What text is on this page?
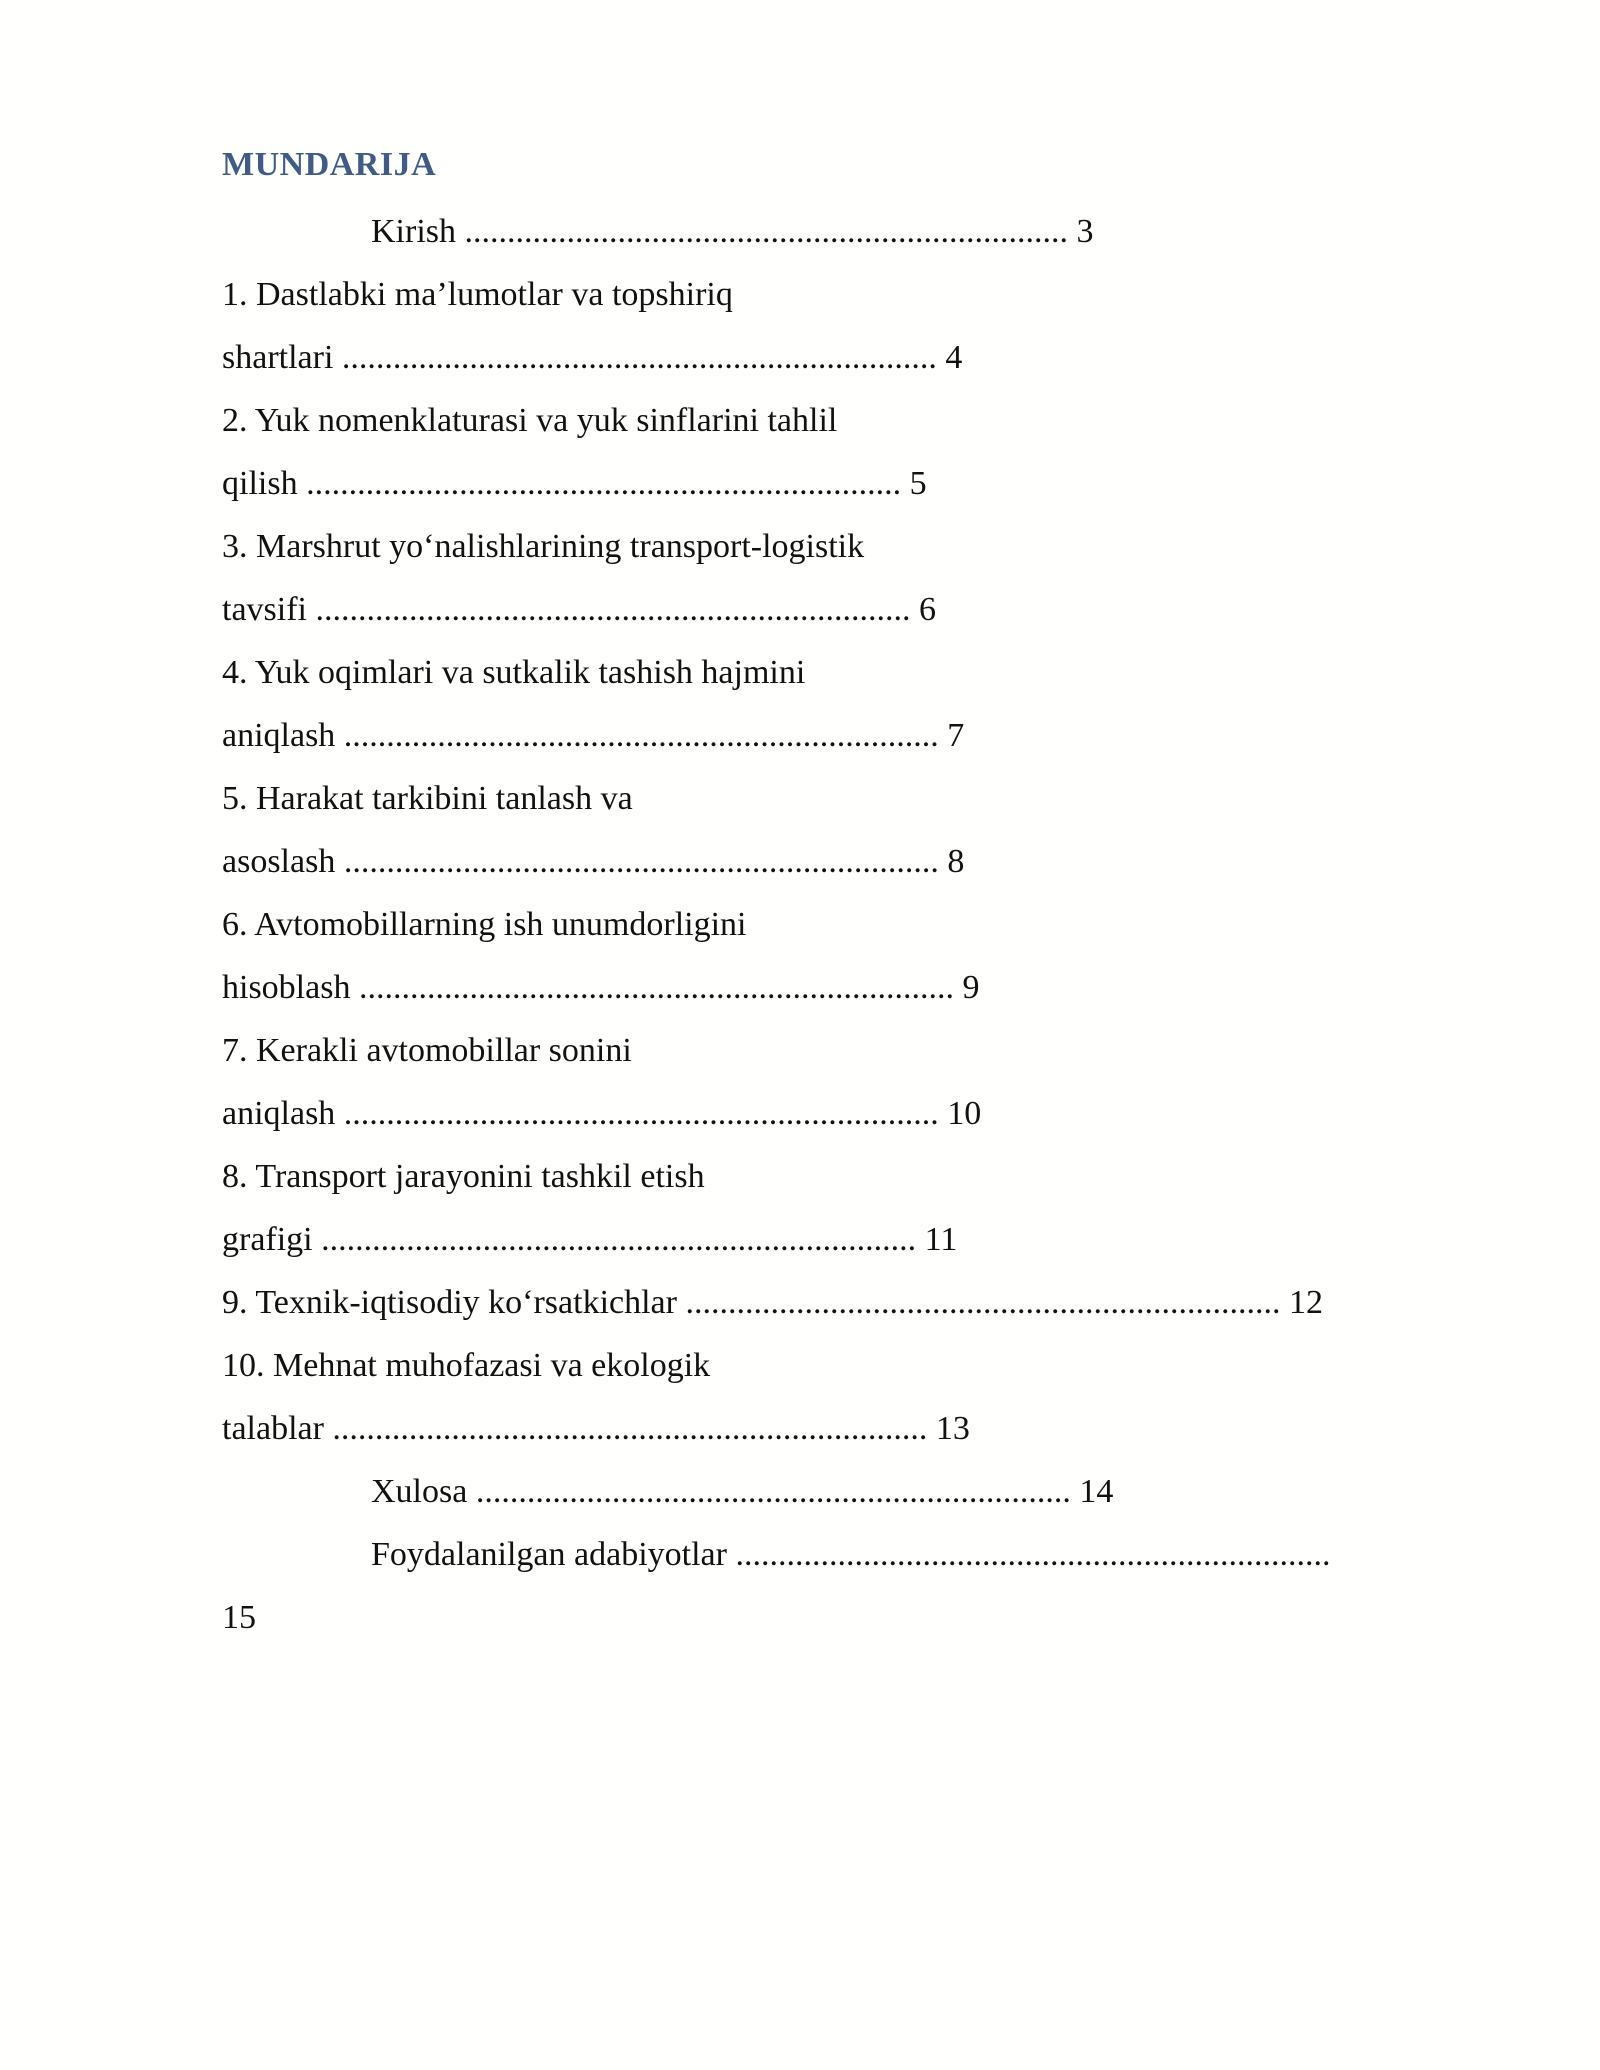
MUNDARIJA
Kirish ....................................................................... 3
1. Dastlabki ma’lumotlar va topshiriq
shartlari ...................................................................... 4
2. Yuk nomenklaturasi va yuk sinflarini tahlil
qilish ...................................................................... 5
3. Marshrut yo‘nalishlarining transport-logistik
tavsifi ...................................................................... 6
4. Yuk oqimlari va sutkalik tashish hajmini
aniqlash ...................................................................... 7
5. Harakat tarkibini tanlash va
asoslash ...................................................................... 8
6. Avtomobillarning ish unumdorligini
hisoblash ...................................................................... 9
7. Kerakli avtomobillar sonini
aniqlash ...................................................................... 10
8. Transport jarayonini tashkil etish
grafigi ...................................................................... 11
9. Texnik-iqtisodiy ko‘rsatkichlar ...................................................................... 12
10. Mehnat muhofazasi va ekologik
talablar ...................................................................... 13
Xulosa ...................................................................... 14
Foydalanilgan adabiyotlar ......................................................................
15
